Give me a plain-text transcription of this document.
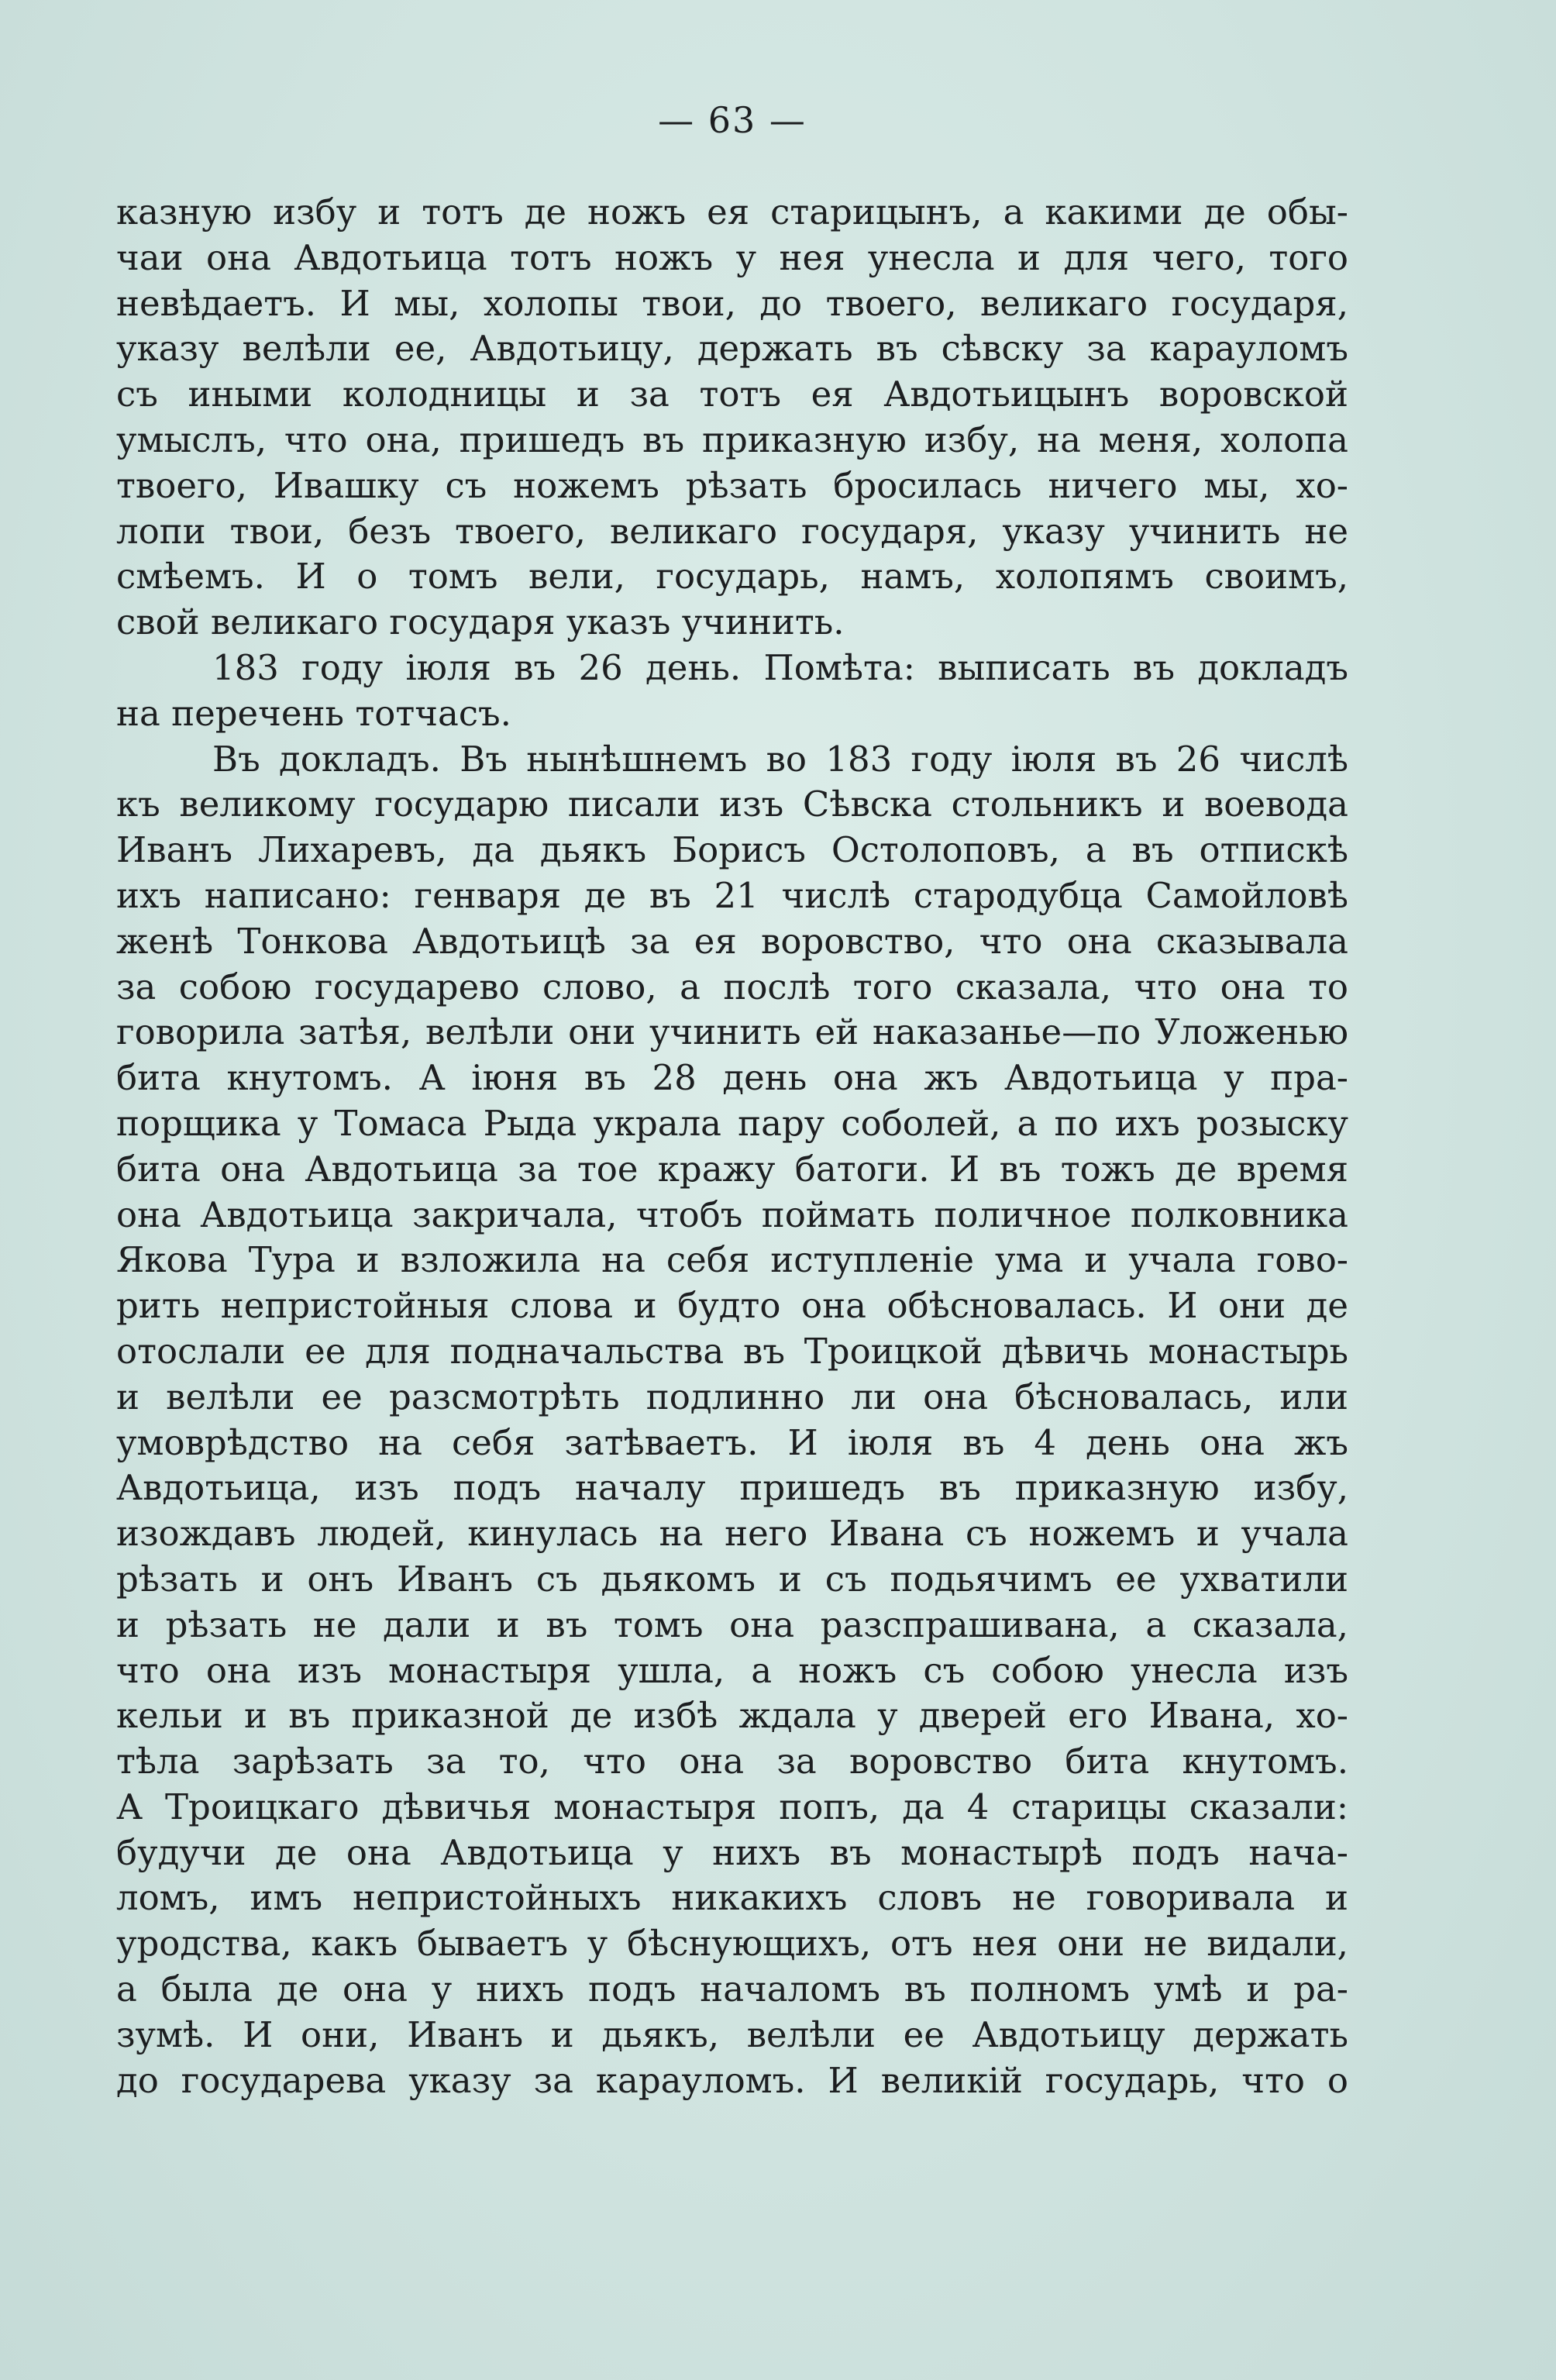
— 63 —
казную избу и тотъ де ножъ ея старицынъ, а какими де обы-
чаи она Авдотьица тотъ ножъ у нея унесла и для чего, того
невѣдаетъ. И мы, холопы твои, до твоего, великаго государя,
указу велѣли ее, Авдотьицу, держать въ сѣвску за карауломъ
съ иными колодницы и за тотъ ея Авдотьицынъ воровской
умыслъ, что она, пришедъ въ приказную избу, на меня, холопа
твоего, Ивашку съ ножемъ рѣзать бросилась ничего мы, хо-
лопи твои, безъ твоего, великаго государя, указу учинить не
смѣемъ. И о томъ вели, государь, намъ, холопямъ своимъ,
свой великаго государя указъ учинить.
183 году іюля въ 26 день. Помѣта: выписать въ докладъ
на перечень тотчасъ.
Въ докладъ. Въ нынѣшнемъ во 183 году іюля въ 26 числѣ
къ великому государю писали изъ Сѣвска стольникъ и воевода
Иванъ Лихаревъ, да дьякъ Борисъ Остолоповъ, а въ отпискѣ
ихъ написано: генваря де въ 21 числѣ стародубца Самойловѣ
женѣ Тонкова Авдотьицѣ за ея воровство, что она сказывала
за собою государево слово, а послѣ того сказала, что она то
говорила затѣя, велѣли они учинить ей наказанье—по Уложенью
бита кнутомъ. А іюня въ 28 день она жъ Авдотьица у пра-
порщика у Томаса Рыда украла пару соболей, а по ихъ розыску
бита она Авдотьица за тое кражу батоги. И въ тожъ де время
она Авдотьица закричала, чтобъ поймать поличное полковника
Якова Тура и взложила на себя иступленіе ума и учала гово-
рить непристойныя слова и будто она обѣсновалась. И они де
отослали ее для подначальства въ Троицкой дѣвичь монастырь
и велѣли ее разсмотрѣть подлинно ли она бѣсновалась, или
умоврѣдство на себя затѣваетъ. И іюля въ 4 день она жъ
Авдотьица, изъ подъ началу пришедъ въ приказную избу,
изождавъ людей, кинулась на него Ивана съ ножемъ и учала
рѣзать и онъ Иванъ съ дьякомъ и съ подьячимъ ее ухватили
и рѣзать не дали и въ томъ она разспрашивана, а сказала,
что она изъ монастыря ушла, а ножъ съ собою унесла изъ
кельи и въ приказной де избѣ ждала у дверей его Ивана, хо-
тѣла зарѣзать за то, что она за воровство бита кнутомъ.
А Троицкаго дѣвичья монастыря попъ, да 4 старицы сказали:
будучи де она Авдотьица у нихъ въ монастырѣ подъ нача-
ломъ, имъ непристойныхъ никакихъ словъ не говоривала и
уродства, какъ бываетъ у бѣснующихъ, отъ нея они не видали,
а была де она у нихъ подъ началомъ въ полномъ умѣ и ра-
зумѣ. И они, Иванъ и дьякъ, велѣли ее Авдотьицу держать
до государева указу за карауломъ. И великій государь, что о
